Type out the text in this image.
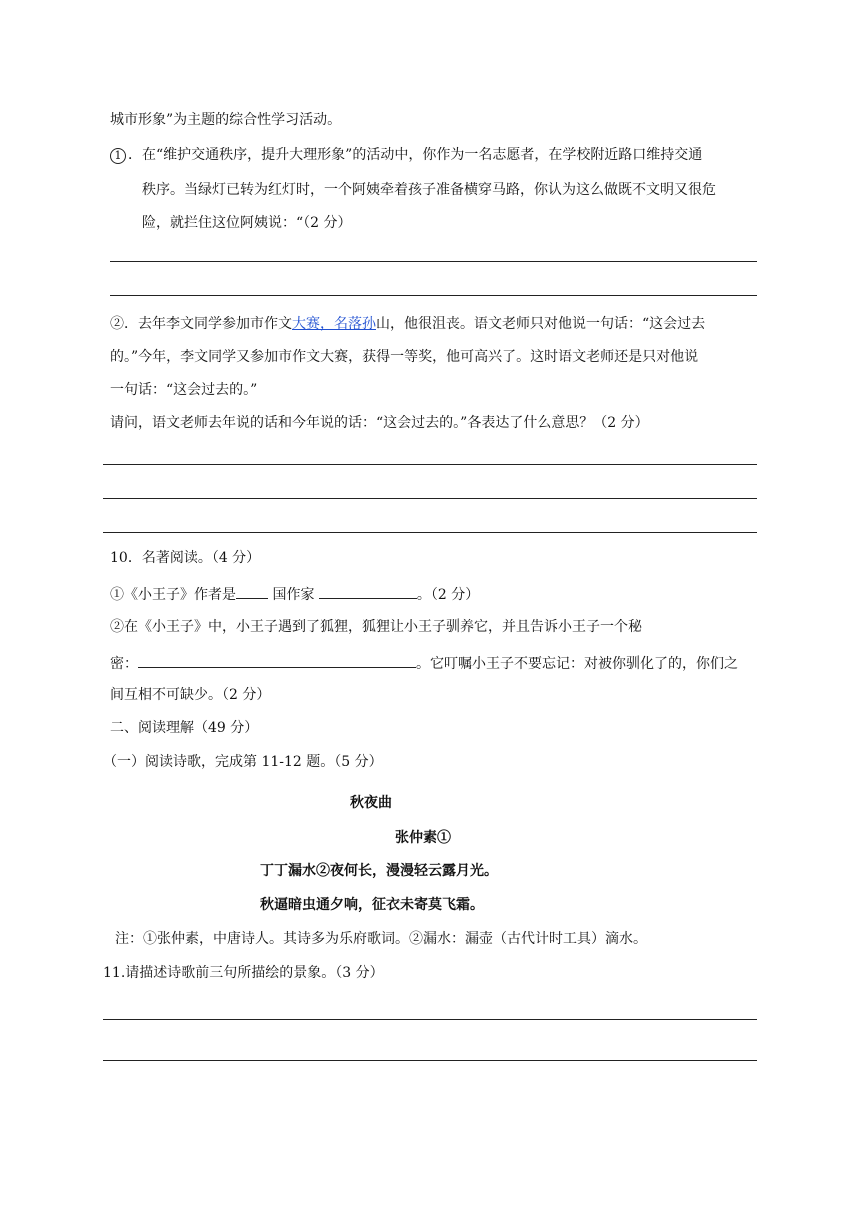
城市形象”为主题的综合性学习活动。
1 ．在“维护交通秩序，提升大理形象”的活动中，你作为一名志愿者，在学校附近路口维持交通
秩序。当绿灯已转为红灯时，一个阿姨牵着孩子准备横穿马路，你认为这么做既不文明又很危
险，就拦住这位阿姨说：“（2 分）
②．去年李文同学参加市作文大赛，名落孙山，他很沮丧。语文老师只对他说一句话：“这会过去
的。”今年，李文同学又参加市作文大赛，获得一等奖，他可高兴了。这时语文老师还是只对他说
一句话：“这会过去的。”
请问，语文老师去年说的话和今年说的话：“这会过去的。”各表达了什么意思？（2 分）
10．名著阅读。（4 分）
①《小王子》作者是 国作家	。（2 分）
②在《小王子》中，小王子遇到了狐狸，狐狸让小王子驯养它，并且告诉小王子一个秘
密：	。它叮嘱小王子不要忘记：对被你驯化了的，你们之
间互相不可缺少。（2 分）
二、阅读理解（49 分）
（一）阅读诗歌，完成第 11-12 题。（5 分）
秋夜曲
张仲素①
丁丁漏水②夜何长，漫漫轻云露月光。
秋逼暗虫通夕响，征衣未寄莫飞霜。
注：①张仲素，中唐诗人。其诗多为乐府歌词。②漏水：漏壶（古代计时工具）滴水。
11.请描述诗歌前三句所描绘的景象。（3 分）
